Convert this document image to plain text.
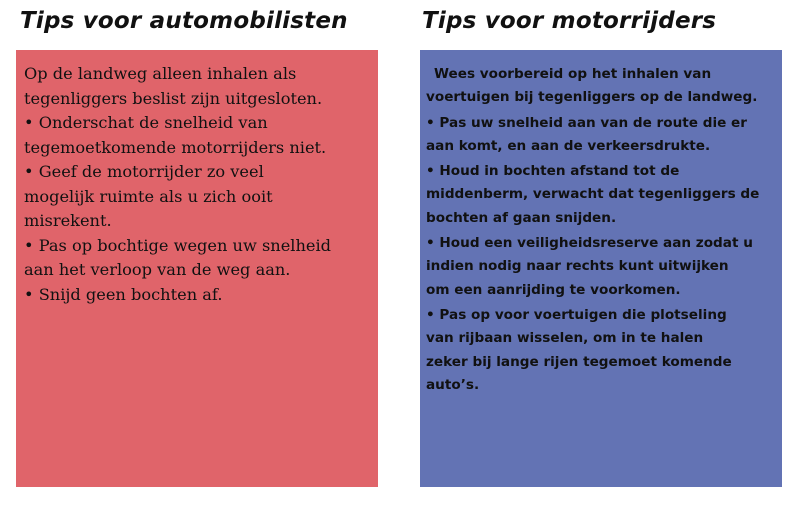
Tips voor automobilisten	Tips voor motorrijders

Op de landweg alleen inhalen als

tegenliggers beslist zijn uitgesloten.

• Onderschat de snelheid van

tegemoetkomende motorrijders niet.

• Geef de motorrijder zo veel

mogelijk ruimte als u zich ooit

misrekent.

• Pas op bochtige wegen uw snelheid

aan het verloop van de weg aan.

• Snijd geen bochten af.

Wees voorbereid op het inhalen van
voertuigen bij tegenliggers op de landweg.

• Pas uw snelheid aan van de route die er
aan komt, en aan de verkeersdrukte.

• Houd in bochten afstand tot de
middenberm, verwacht dat tegenliggers de
bochten af gaan snijden.

• Houd een veiligheidsreserve aan zodat u
indien nodig naar rechts kunt uitwijken
om een aanrijding te voorkomen.

• Pas op voor voertuigen die plotseling
van rijbaan wisselen, om in te halen
zeker bij lange rijen tegemoet komende
auto’s.
